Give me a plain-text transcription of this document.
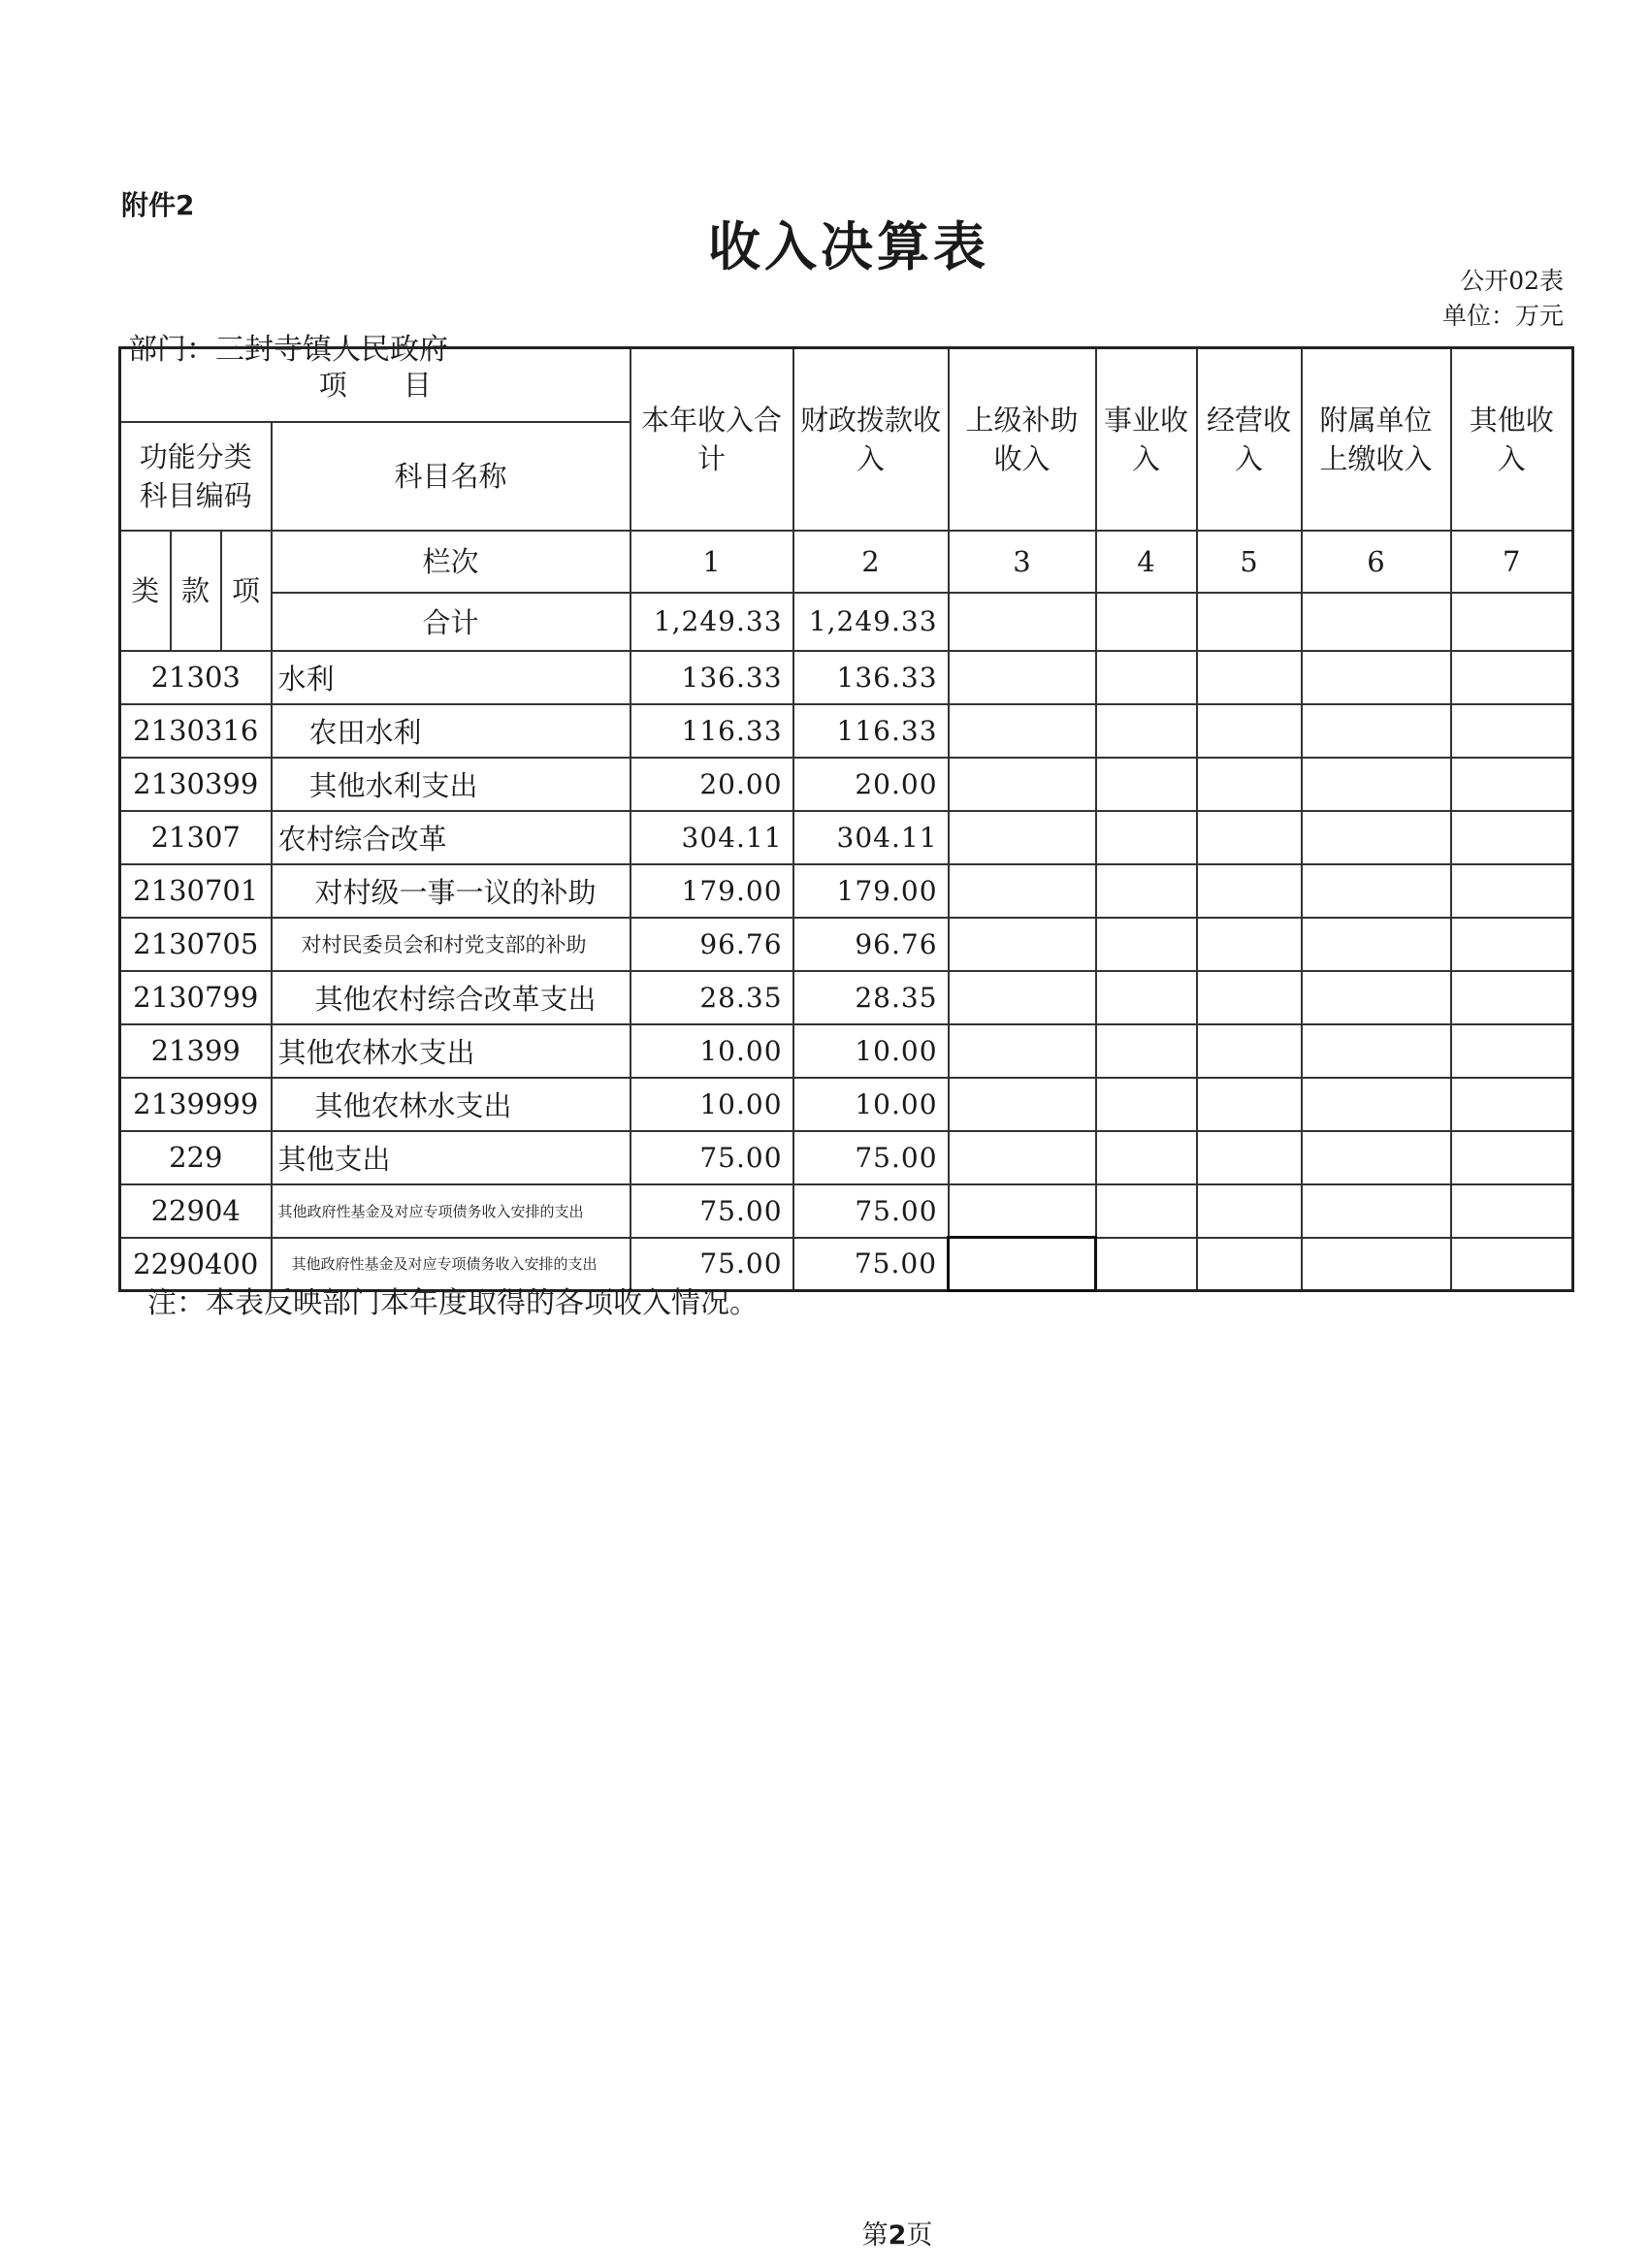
附件2
收入决算表
公开02表
单位：万元
部门：三封寺镇人民政府
项　　目				本年收入合计	财政拨款收入	上级补助收入	事业收入	经营收入	附属单位上缴收入	其他收入
功能分类科目编码			科目名称							
类	款	项	栏次	1	2	3	4	5	6	7
			合计	1,249.33	1,249.33					
21303			水利	136.33	136.33					
2130316			农田水利	116.33	116.33					
2130399			其他水利支出	20.00	20.00					
21307			农村综合改革	304.11	304.11					
2130701			对村级一事一议的补助	179.00	179.00					
2130705			对村民委员会和村党支部的补助	96.76	96.76					
2130799			其他农村综合改革支出	28.35	28.35					
21399			其他农林水支出	10.00	10.00					
2139999			其他农林水支出	10.00	10.00					
229			其他支出	75.00	75.00					
22904			其他政府性基金及对应专项债务收入安排的支出	75.00	75.00					
2290400			其他政府性基金及对应专项债务收入安排的支出	75.00	75.00					
注：本表反映部门本年度取得的各项收入情况。
第2页
